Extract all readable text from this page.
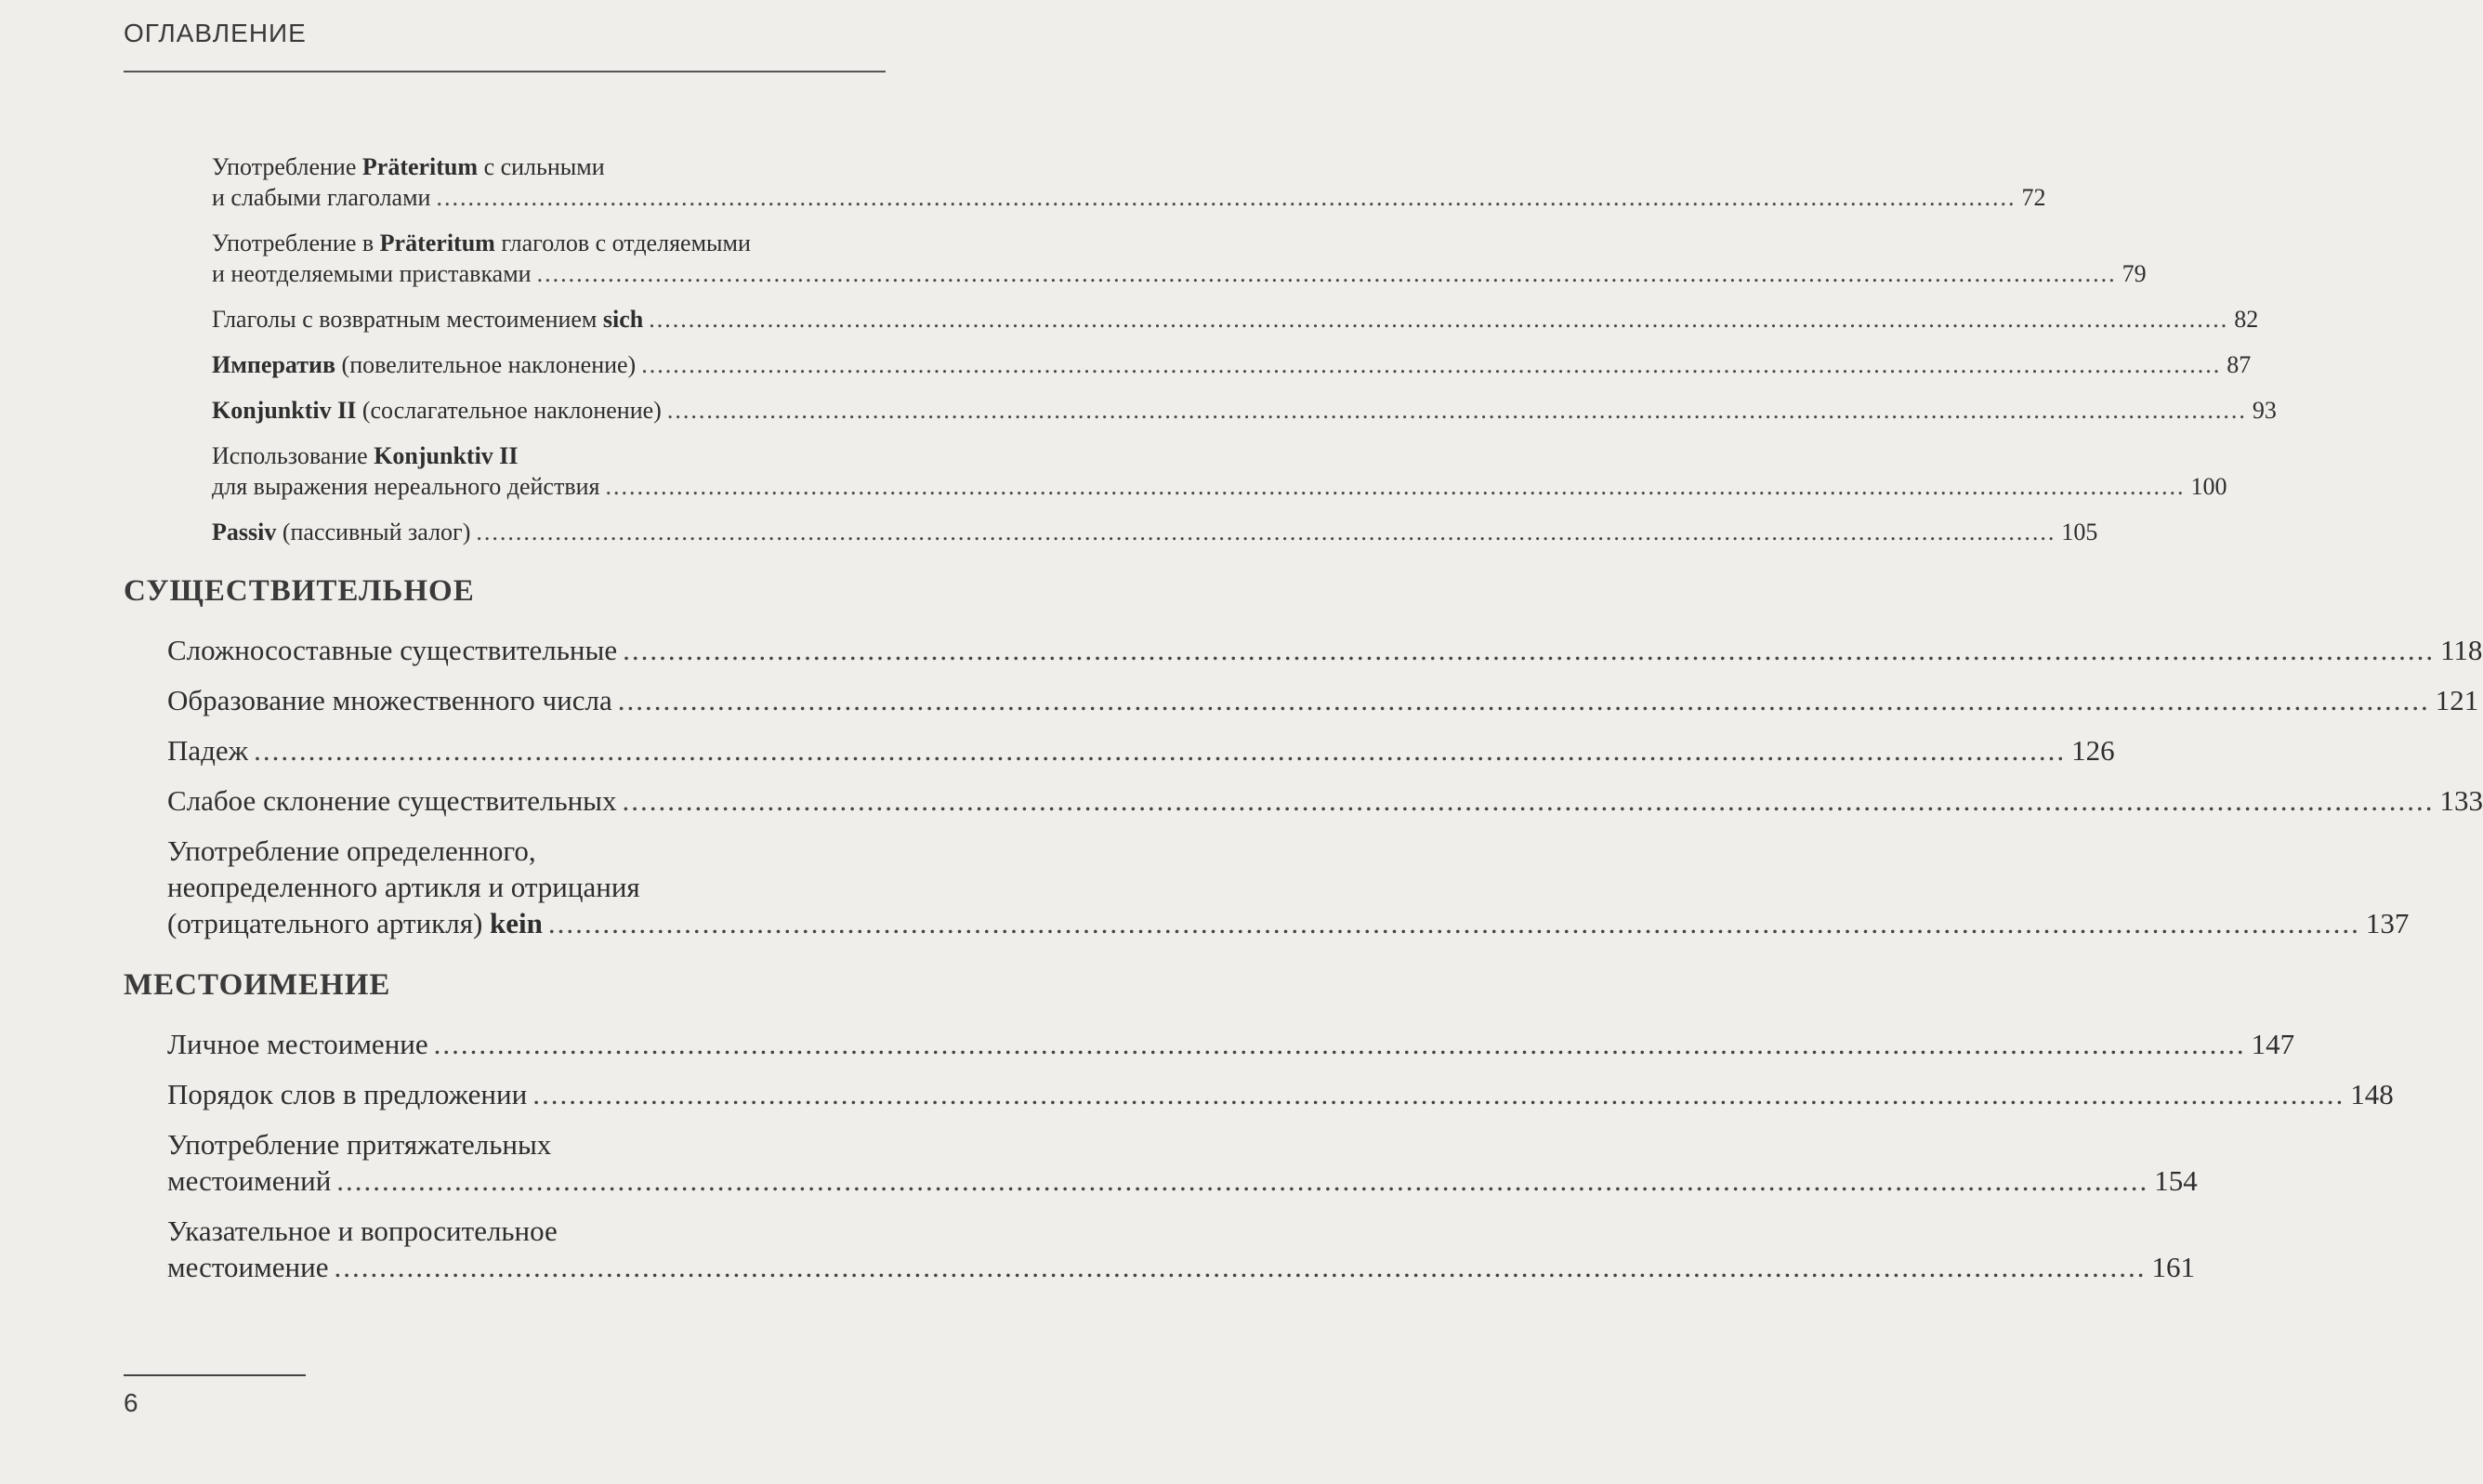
ОГЛАВЛЕНИЕ
Употребление Präteritum с сильными
и слабыми глаголами ........................................................................................................................................................................................................ 72
Употребление в Präteritum глаголов с отделяемыми
и неотделяемыми приставками ........................................................................................................................................................................................................ 79
Глаголы с возвратным местоимением sich ........................................................................................................................................................................................................ 82
Императив (повелительное наклонение) ........................................................................................................................................................................................................ 87
Konjunktiv II (сослагательное наклонение) ........................................................................................................................................................................................................ 93
Использование Konjunktiv II
для выражения нереального действия ........................................................................................................................................................................................................ 100
Passiv (пассивный залог) ........................................................................................................................................................................................................ 105
СУЩЕСТВИТЕЛЬНОЕ
Сложносоставные существительные ........................................................................................................................................................................................................ 118
Образование множественного числа ........................................................................................................................................................................................................ 121
Падеж ........................................................................................................................................................................................................ 126
Слабое склонение существительных ........................................................................................................................................................................................................ 133
Употребление определенного,
неопределенного артикля и отрицания
(отрицательного артикля) kein ........................................................................................................................................................................................................ 137
МЕСТОИМЕНИЕ
Личное местоимение ........................................................................................................................................................................................................ 147
Порядок слов в предложении ........................................................................................................................................................................................................ 148
Употребление притяжательных
местоимений ........................................................................................................................................................................................................ 154
Указательное и вопросительное
местоимение ........................................................................................................................................................................................................ 161
6
